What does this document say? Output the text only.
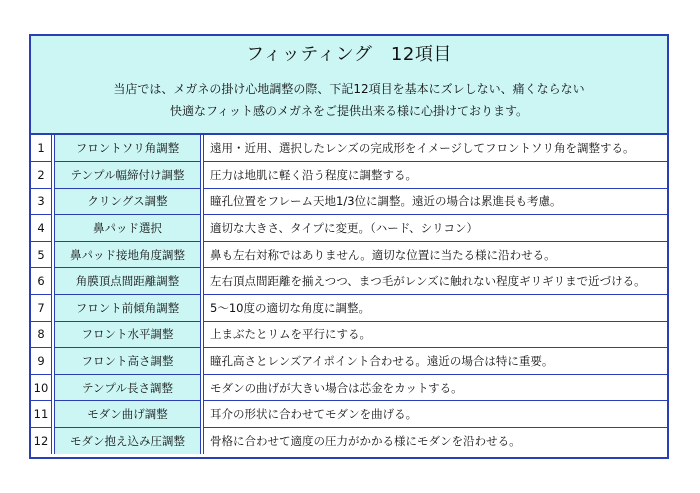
フィッティング　12項目
当店では、メガネの掛け心地調整の際、下記12項目を基本にズレしない、痛くならない
快適なフィット感のメガネをご提供出来る様に心掛けております。
1	フロントソリ角調整	遠用・近用、選択したレンズの完成形をイメージしてフロントソリ角を調整する。
2	テンプル幅締付け調整	圧力は地肌に軽く沿う程度に調整する。
3	クリングス調整	瞳孔位置をフレーム天地1/3位に調整。遠近の場合は累進長も考慮。
4	鼻パッド選択	適切な大きさ、タイプに変更。（ハード、シリコン）
5	鼻パッド接地角度調整	鼻も左右対称ではありません。適切な位置に当たる様に沿わせる。
6	角膜頂点間距離調整	左右頂点間距離を揃えつつ、まつ毛がレンズに触れない程度ギリギリまで近づける。
7	フロント前傾角調整	5～10度の適切な角度に調整。
8	フロント水平調整	上まぶたとリムを平行にする。
9	フロント高さ調整	瞳孔高さとレンズアイポイント合わせる。遠近の場合は特に重要。
10	テンプル長さ調整	モダンの曲げが大きい場合は芯金をカットする。
11	モダン曲げ調整	耳介の形状に合わせてモダンを曲げる。
12	モダン抱え込み圧調整	骨格に合わせて適度の圧力がかかる様にモダンを沿わせる。
